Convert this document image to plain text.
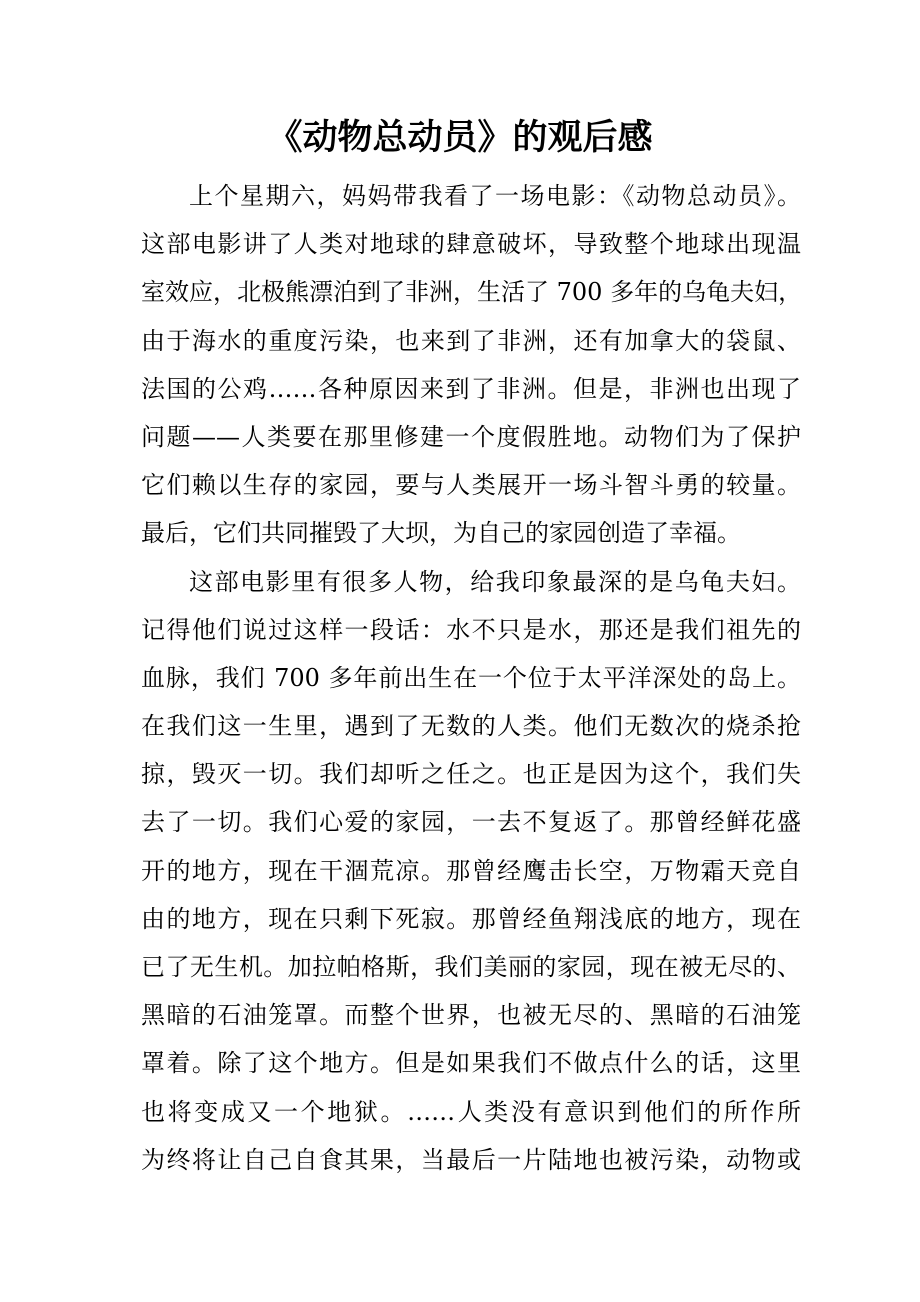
《动物总动员》的观后感
上个星期六，妈妈带我看了一场电影：《动物总动员》。
这部电影讲了人类对地球的肆意破坏，导致整个地球出现温
室效应，北极熊漂泊到了非洲，生活了 700 多年的乌龟夫妇，
由于海水的重度污染，也来到了非洲，还有加拿大的袋鼠、
法国的公鸡……各种原因来到了非洲。但是，非洲也出现了
问题——人类要在那里修建一个度假胜地。动物们为了保护
它们赖以生存的家园，要与人类展开一场斗智斗勇的较量。
最后，它们共同摧毁了大坝，为自己的家园创造了幸福。
这部电影里有很多人物，给我印象最深的是乌龟夫妇。
记得他们说过这样一段话：水不只是水，那还是我们祖先的
血脉，我们 700 多年前出生在一个位于太平洋深处的岛上。
在我们这一生里，遇到了无数的人类。他们无数次的烧杀抢
掠，毁灭一切。我们却听之任之。也正是因为这个，我们失
去了一切。我们心爱的家园，一去不复返了。那曾经鲜花盛
开的地方，现在干涸荒凉。那曾经鹰击长空，万物霜天竞自
由的地方，现在只剩下死寂。那曾经鱼翔浅底的地方，现在
已了无生机。加拉帕格斯，我们美丽的家园，现在被无尽的、
黑暗的石油笼罩。而整个世界，也被无尽的、黑暗的石油笼
罩着。除了这个地方。但是如果我们不做点什么的话，这里
也将变成又一个地狱。……人类没有意识到他们的所作所
为终将让自己自食其果，当最后一片陆地也被污染，动物或
